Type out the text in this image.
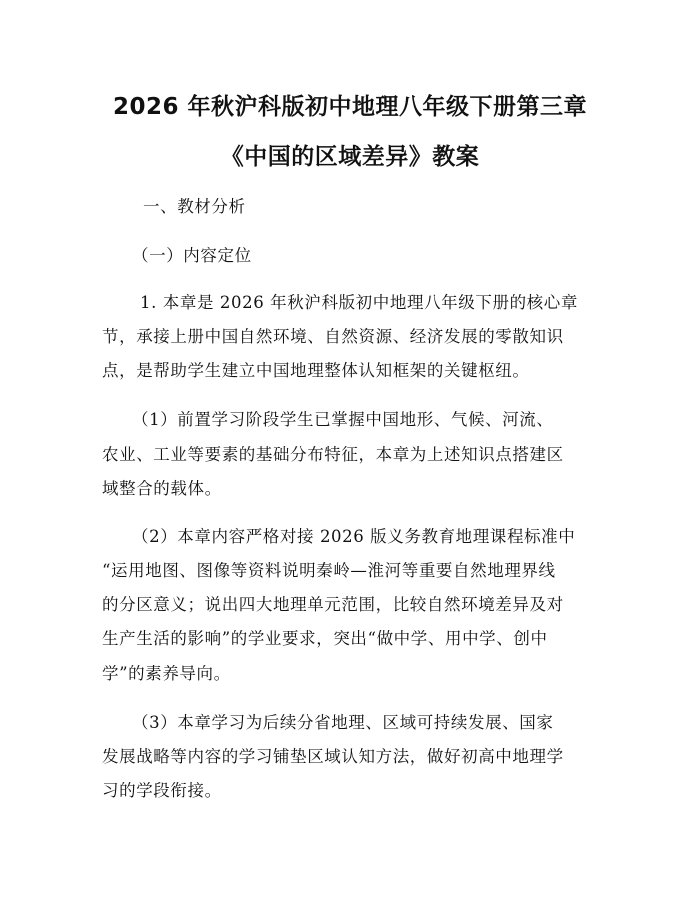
2026 年秋沪科版初中地理八年级下册第三章
《中国的区域差异》教案
一、教材分析
（一）内容定位
1. 本章是 2026 年秋沪科版初中地理八年级下册的核心章
节，承接上册中国自然环境、自然资源、经济发展的零散知识
点，是帮助学生建立中国地理整体认知框架的关键枢纽。
（1）前置学习阶段学生已掌握中国地形、气候、河流、
农业、工业等要素的基础分布特征，本章为上述知识点搭建区
域整合的载体。
（2）本章内容严格对接 2026 版义务教育地理课程标准中
“运用地图、图像等资料说明秦岭—淮河等重要自然地理界线
的分区意义；说出四大地理单元范围，比较自然环境差异及对
生产生活的影响”的学业要求，突出“做中学、用中学、创中
学”的素养导向。
（3）本章学习为后续分省地理、区域可持续发展、国家
发展战略等内容的学习铺垫区域认知方法，做好初高中地理学
习的学段衔接。
